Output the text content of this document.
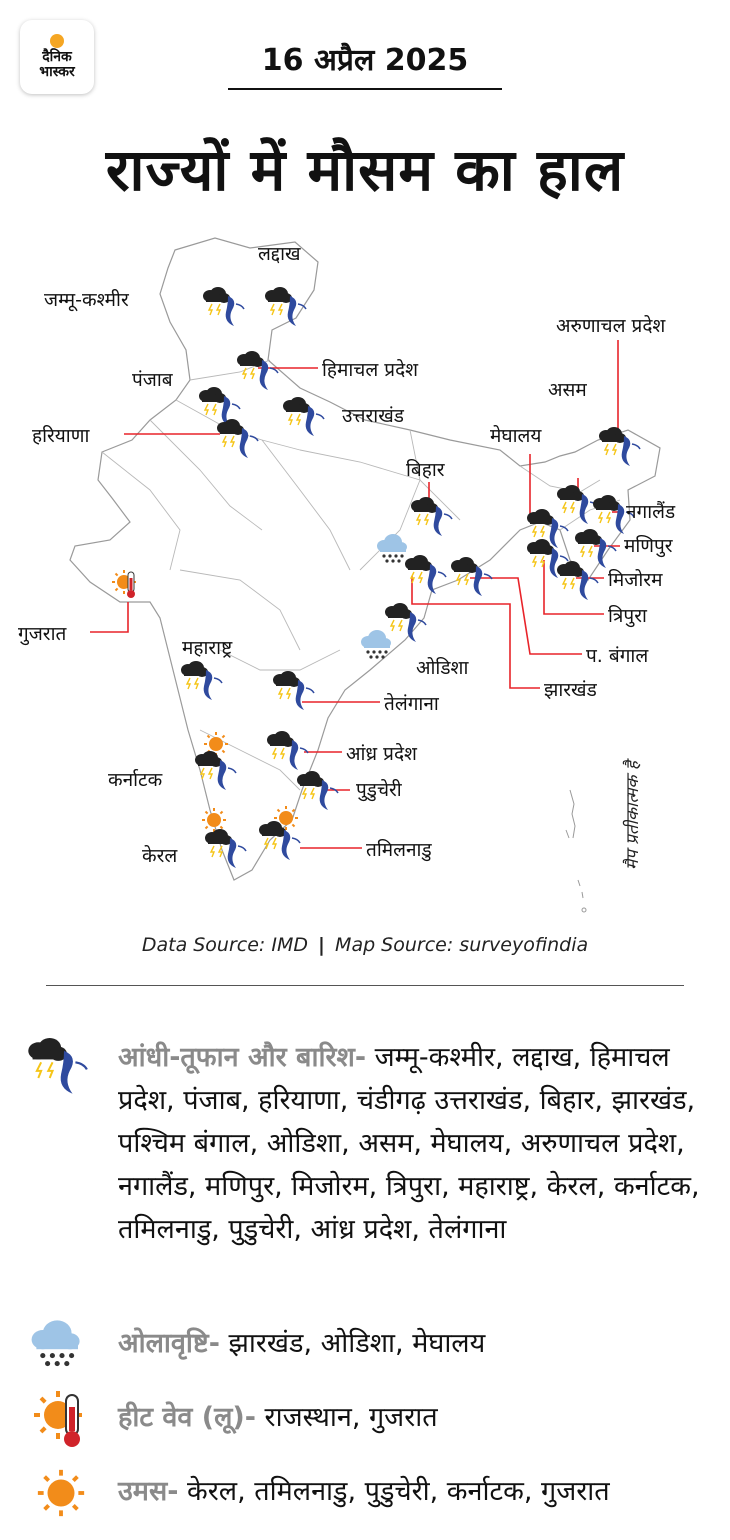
दैनिक
भास्कर	16 अप्रैल 2025
राज्यों में मौसम का हाल
लद्दाख
जम्मू-कश्मीर
हिमाचल प्रदेश
पंजाब
उत्तराखंड
हरियाणा
बिहार
गुजरात
महाराष्ट्र
ओडिशा
तेलंगाना
आंध्र प्रदेश
कर्नाटक	पुडुचेरी
केरल	तमिलनाडु
अरुणाचल प्रदेश
असम
मेघालय
नगालैंड
मणिपुर
मिजोरम
त्रिपुरा
प. बंगाल
झारखंड
मैप प्रतीकात्मक है
Data Source: IMD | Map Source: surveyofindia
आंधी-तूफान और बारिश- जम्मू-कश्मीर, लद्दाख, हिमाचल प्रदेश, पंजाब, हरियाणा, चंडीगढ़ उत्तराखंड, बिहार, झारखंड, पश्चिम बंगाल, ओडिशा, असम, मेघालय, अरुणाचल प्रदेश, नगालैंड, मणिपुर, मिजोरम, त्रिपुरा, महाराष्ट्र, केरल, कर्नाटक, तमिलनाडु, पुडुचेरी, आंध्र प्रदेश, तेलंगाना
ओलावृष्टि- झारखंड, ओडिशा, मेघालय
हीट वेव (लू)- राजस्थान, गुजरात
उमस- केरल, तमिलनाडु, पुडुचेरी, कर्नाटक, गुजरात
